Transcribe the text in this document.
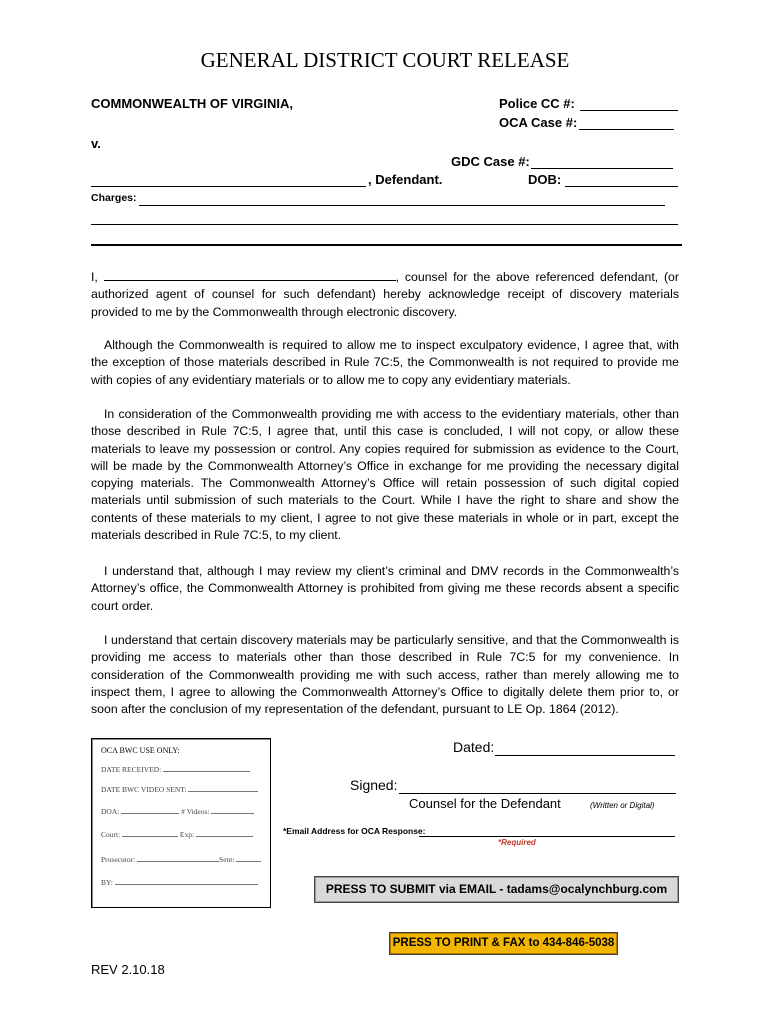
GENERAL DISTRICT COURT RELEASE
COMMONWEALTH OF VIRGINIA,	Police CC #:
OCA Case #:
v.
GDC Case #:
, Defendant.	DOB:
Charges:
I,	, counsel for the above referenced defendant, (or authorized agent of counsel for such defendant) hereby acknowledge receipt of discovery materials provided to me by the Commonwealth through electronic discovery.
Although the Commonwealth is required to allow me to inspect exculpatory evidence, I agree that, with the exception of those materials described in Rule 7C:5, the Commonwealth is not required to provide me with copies of any evidentiary materials or to allow me to copy any evidentiary materials.
In consideration of the Commonwealth providing me with access to the evidentiary materials, other than those described in Rule 7C:5, I agree that, until this case is concluded, I will not copy, or allow these materials to leave my possession or control. Any copies required for submission as evidence to the Court, will be made by the Commonwealth Attorney’s Office in exchange for me providing the necessary digital copying materials. The Commonwealth Attorney’s Office will retain possession of such digital copied materials until submission of such materials to the Court. While I have the right to share and show the contents of these materials to my client, I agree to not give these materials in whole or in part, except the materials described in Rule 7C:5, to my client.
I understand that, although I may review my client’s criminal and DMV records in the Commonwealth’s Attorney’s office, the Commonwealth Attorney is prohibited from giving me these records absent a specific court order.
I understand that certain discovery materials may be particularly sensitive, and that the Commonwealth is providing me access to materials other than those described in Rule 7C:5 for my convenience. In consideration of the Commonwealth providing me with such access, rather than merely allowing me to inspect them, I agree to allowing the Commonwealth Attorney’s Office to digitally delete them prior to, or soon after the conclusion of my representation of the defendant, pursuant to LE Op. 1864 (2012).
OCA BWC USE ONLY:
DATE RECEIVED:
DATE BWC VIDEO SENT:
DOA:	# Videos:
Court:	Exp:
Prosecutor:	Sent:
BY:
Dated:
Signed:
Counsel for the Defendant	(Written or Digital)
*Email Address for OCA Response:
*Required
PRESS TO SUBMIT via EMAIL - tadams@ocalynchburg.com
PRESS TO PRINT & FAX to 434-846-5038
REV 2.10.18
